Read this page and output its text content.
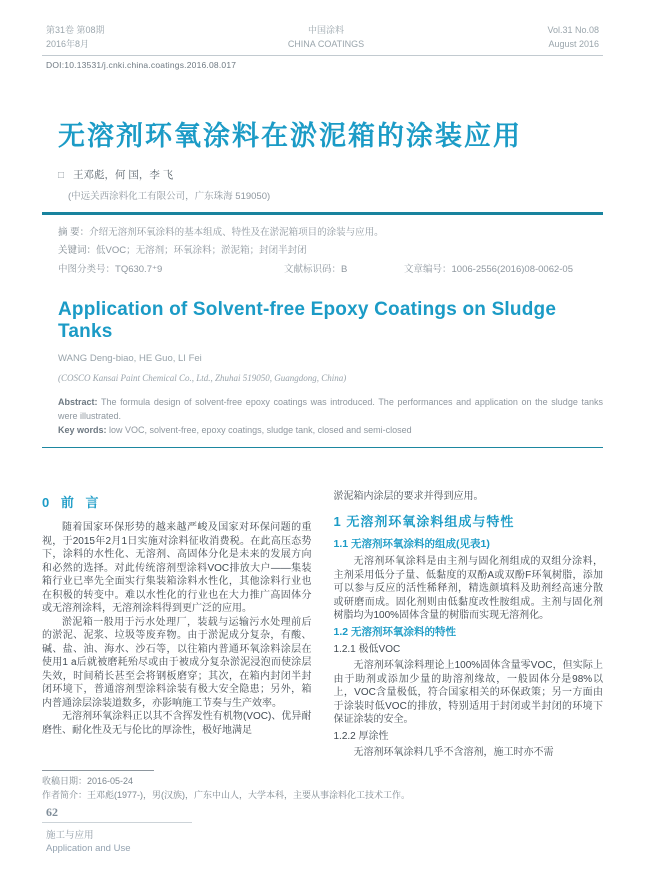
第31卷 第08期
2016年8月
中国涂料
CHINA COATINGS
Vol.31 No.08
August 2016
DOI:10.13531/j.cnki.china.coatings.2016.08.017
无溶剂环氧涂料在淤泥箱的涂装应用
□ 王邓彪，何 国，李 飞
(中远关西涂料化工有限公司，广东珠海 519050)
摘 要：介绍无溶剂环氧涂料的基本组成、特性及在淤泥箱项目的涂装与应用。
关键词：低VOC；无溶剂；环氧涂料；淤泥箱；封闭半封闭
中图分类号：TQ630.7⁺9	文献标识码：B	文章编号：1006-2556(2016)08-0062-05
Application of Solvent-free Epoxy Coatings on Sludge Tanks
WANG Deng-biao, HE Guo, LI Fei
(COSCO Kansai Paint Chemical Co., Ltd., Zhuhai 519050, Guangdong, China)
Abstract: The formula design of solvent-free epoxy coatings was introduced. The performances and application on the sludge tanks were illustrated.
Key words: low VOC, solvent-free, epoxy coatings, sludge tank, closed and semi-closed
0 前 言

随着国家环保形势的越来越严峻及国家对环保问题的重视，于2015年2月1日实施对涂料征收消费税。在此高压态势下，涂料的水性化、无溶剂、高固体分化是未来的发展方向和必然的选择。对此传统溶剂型涂料VOC排放大户——集装箱行业已率先全面实行集装箱涂料水性化，其他涂料行业也在积极的转变中。难以水性化的行业也在大力推广高固体分或无溶剂涂料，无溶剂涂料得到更广泛的应用。

淤泥箱一般用于污水处理厂，装载与运输污水处理前后的淤泥、泥浆、垃圾等废弃物。由于淤泥成分复杂，有酸、碱、盐、油、海水、沙石等，以往箱内普通环氧涂料涂层在使用1 a后就被磨耗殆尽或由于被成分复杂淤泥浸泡而使涂层失效，时间稍长甚至会将钢板磨穿；其次，在箱内封闭半封闭环境下，普通溶剂型涂料涂装有极大安全隐患；另外，箱内普通涂层涂装道数多，亦影响施工节奏与生产效率。

无溶剂环氧涂料正以其不含挥发性有机物(VOC)、优异耐磨性、耐化性及无与伦比的厚涂性，极好地满足

淤泥箱内涂层的要求并得到应用。

1 无溶剂环氧涂料组成与特性
1.1 无溶剂环氧涂料的组成(见表1)

无溶剂环氧涂料是由主剂与固化剂组成的双组分涂料，主剂采用低分子量、低黏度的双酚A或双酚F环氧树脂，添加可以参与反应的活性稀释剂，精选颜填料及助剂经高速分散或研磨而成。固化剂则由低黏度改性胺组成。主剂与固化剂树脂均为100%固体含量的树脂而实现无溶剂化。

1.2 无溶剂环氧涂料的特性
1.2.1 极低VOC

无溶剂环氧涂料理论上100%固体含量零VOC，但实际上由于助剂或添加少量的助溶剂缘故，一般固体分是98%以上，VOC含量极低，符合国家相关的环保政策；另一方面由于涂装时低VOC的排放，特别适用于封闭或半封闭的环境下保证涂装的安全。

1.2.2 厚涂性

无溶剂环氧涂料几乎不含溶剂，施工时亦不需

收稿日期：2016-05-24
作者简介：王邓彪(1977-)，男(汉族)，广东中山人，大学本科，主要从事涂料化工技术工作。
62
施工与应用
Application and Use
